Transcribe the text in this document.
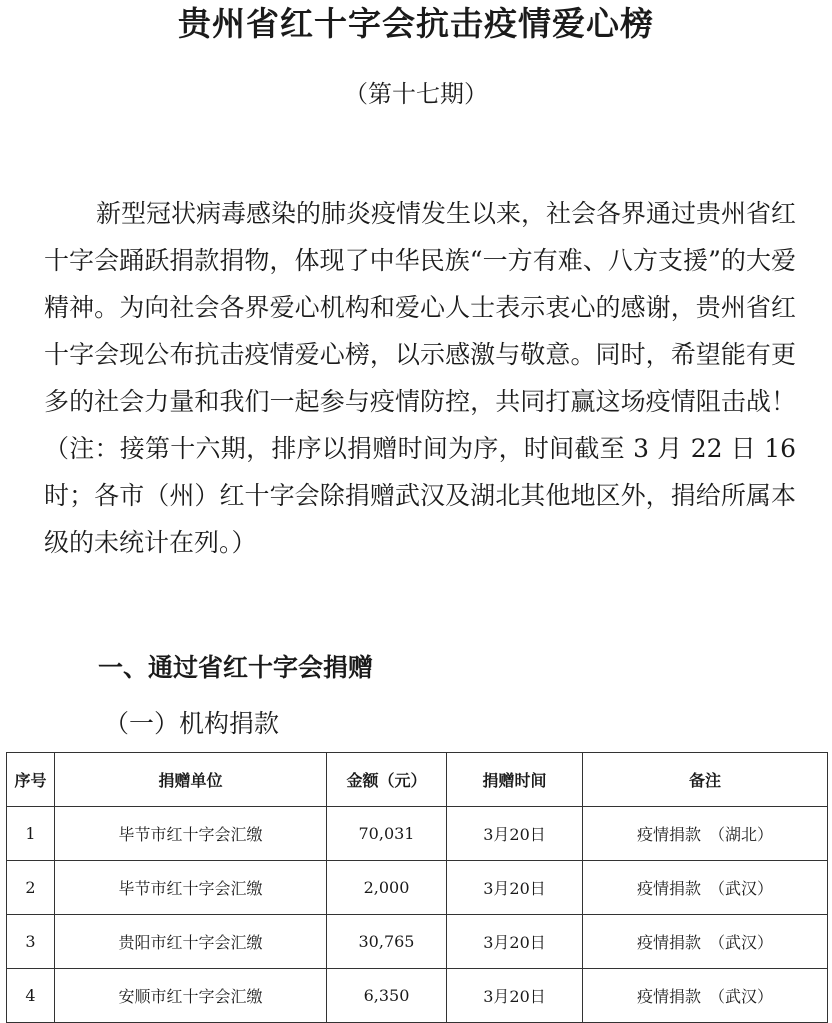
贵州省红十字会抗击疫情爱心榜

（第十七期）

新型冠状病毒感染的肺炎疫情发生以来，社会各界通过贵州省红十字会踊跃捐款捐物，体现了中华民族“一方有难、八方支援”的大爱精神。为向社会各界爱心机构和爱心人士表示衷心的感谢，贵州省红十字会现公布抗击疫情爱心榜，以示感激与敬意。同时，希望能有更多的社会力量和我们一起参与疫情防控，共同打赢这场疫情阻击战！（注：接第十六期，排序以捐赠时间为序，时间截至 3 月 22 日 16 时；各市（州）红十字会除捐赠武汉及湖北其他地区外，捐给所属本级的未统计在列。）

一、通过省红十字会捐赠

（一）机构捐款

序号	捐赠单位	金额（元）	捐赠时间	备注
1	毕节市红十字会汇缴	70,031	3月20日	疫情捐款　（湖北）
2	毕节市红十字会汇缴	2,000	3月20日	疫情捐款　（武汉）
3	贵阳市红十字会汇缴	30,765	3月20日	疫情捐款　（武汉）
4	安顺市红十字会汇缴	6,350	3月20日	疫情捐款　（武汉）
